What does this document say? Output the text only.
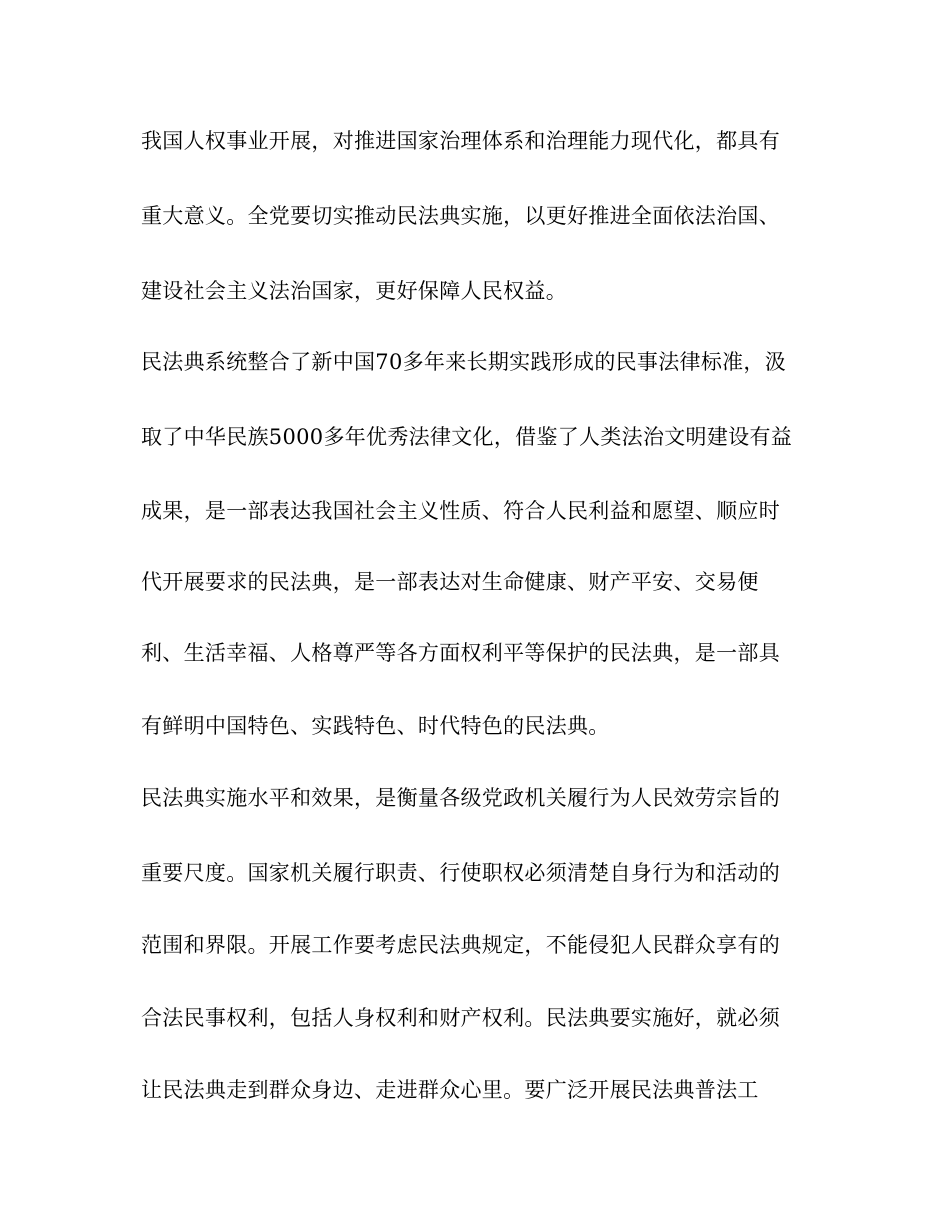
我国人权事业开展，对推进国家治理体系和治理能力现代化，都具有
重大意义。全党要切实推动民法典实施，以更好推进全面依法治国、
建设社会主义法治国家，更好保障人民权益。
民法典系统整合了新中国70多年来长期实践形成的民事法律标准，汲
取了中华民族5000多年优秀法律文化，借鉴了人类法治文明建设有益
成果，是一部表达我国社会主义性质、符合人民利益和愿望、顺应时
代开展要求的民法典，是一部表达对生命健康、财产平安、交易便
利、生活幸福、人格尊严等各方面权利平等保护的民法典，是一部具
有鲜明中国特色、实践特色、时代特色的民法典。
民法典实施水平和效果，是衡量各级党政机关履行为人民效劳宗旨的
重要尺度。国家机关履行职责、行使职权必须清楚自身行为和活动的
范围和界限。开展工作要考虑民法典规定，不能侵犯人民群众享有的
合法民事权利，包括人身权利和财产权利。民法典要实施好，就必须
让民法典走到群众身边、走进群众心里。要广泛开展民法典普法工
